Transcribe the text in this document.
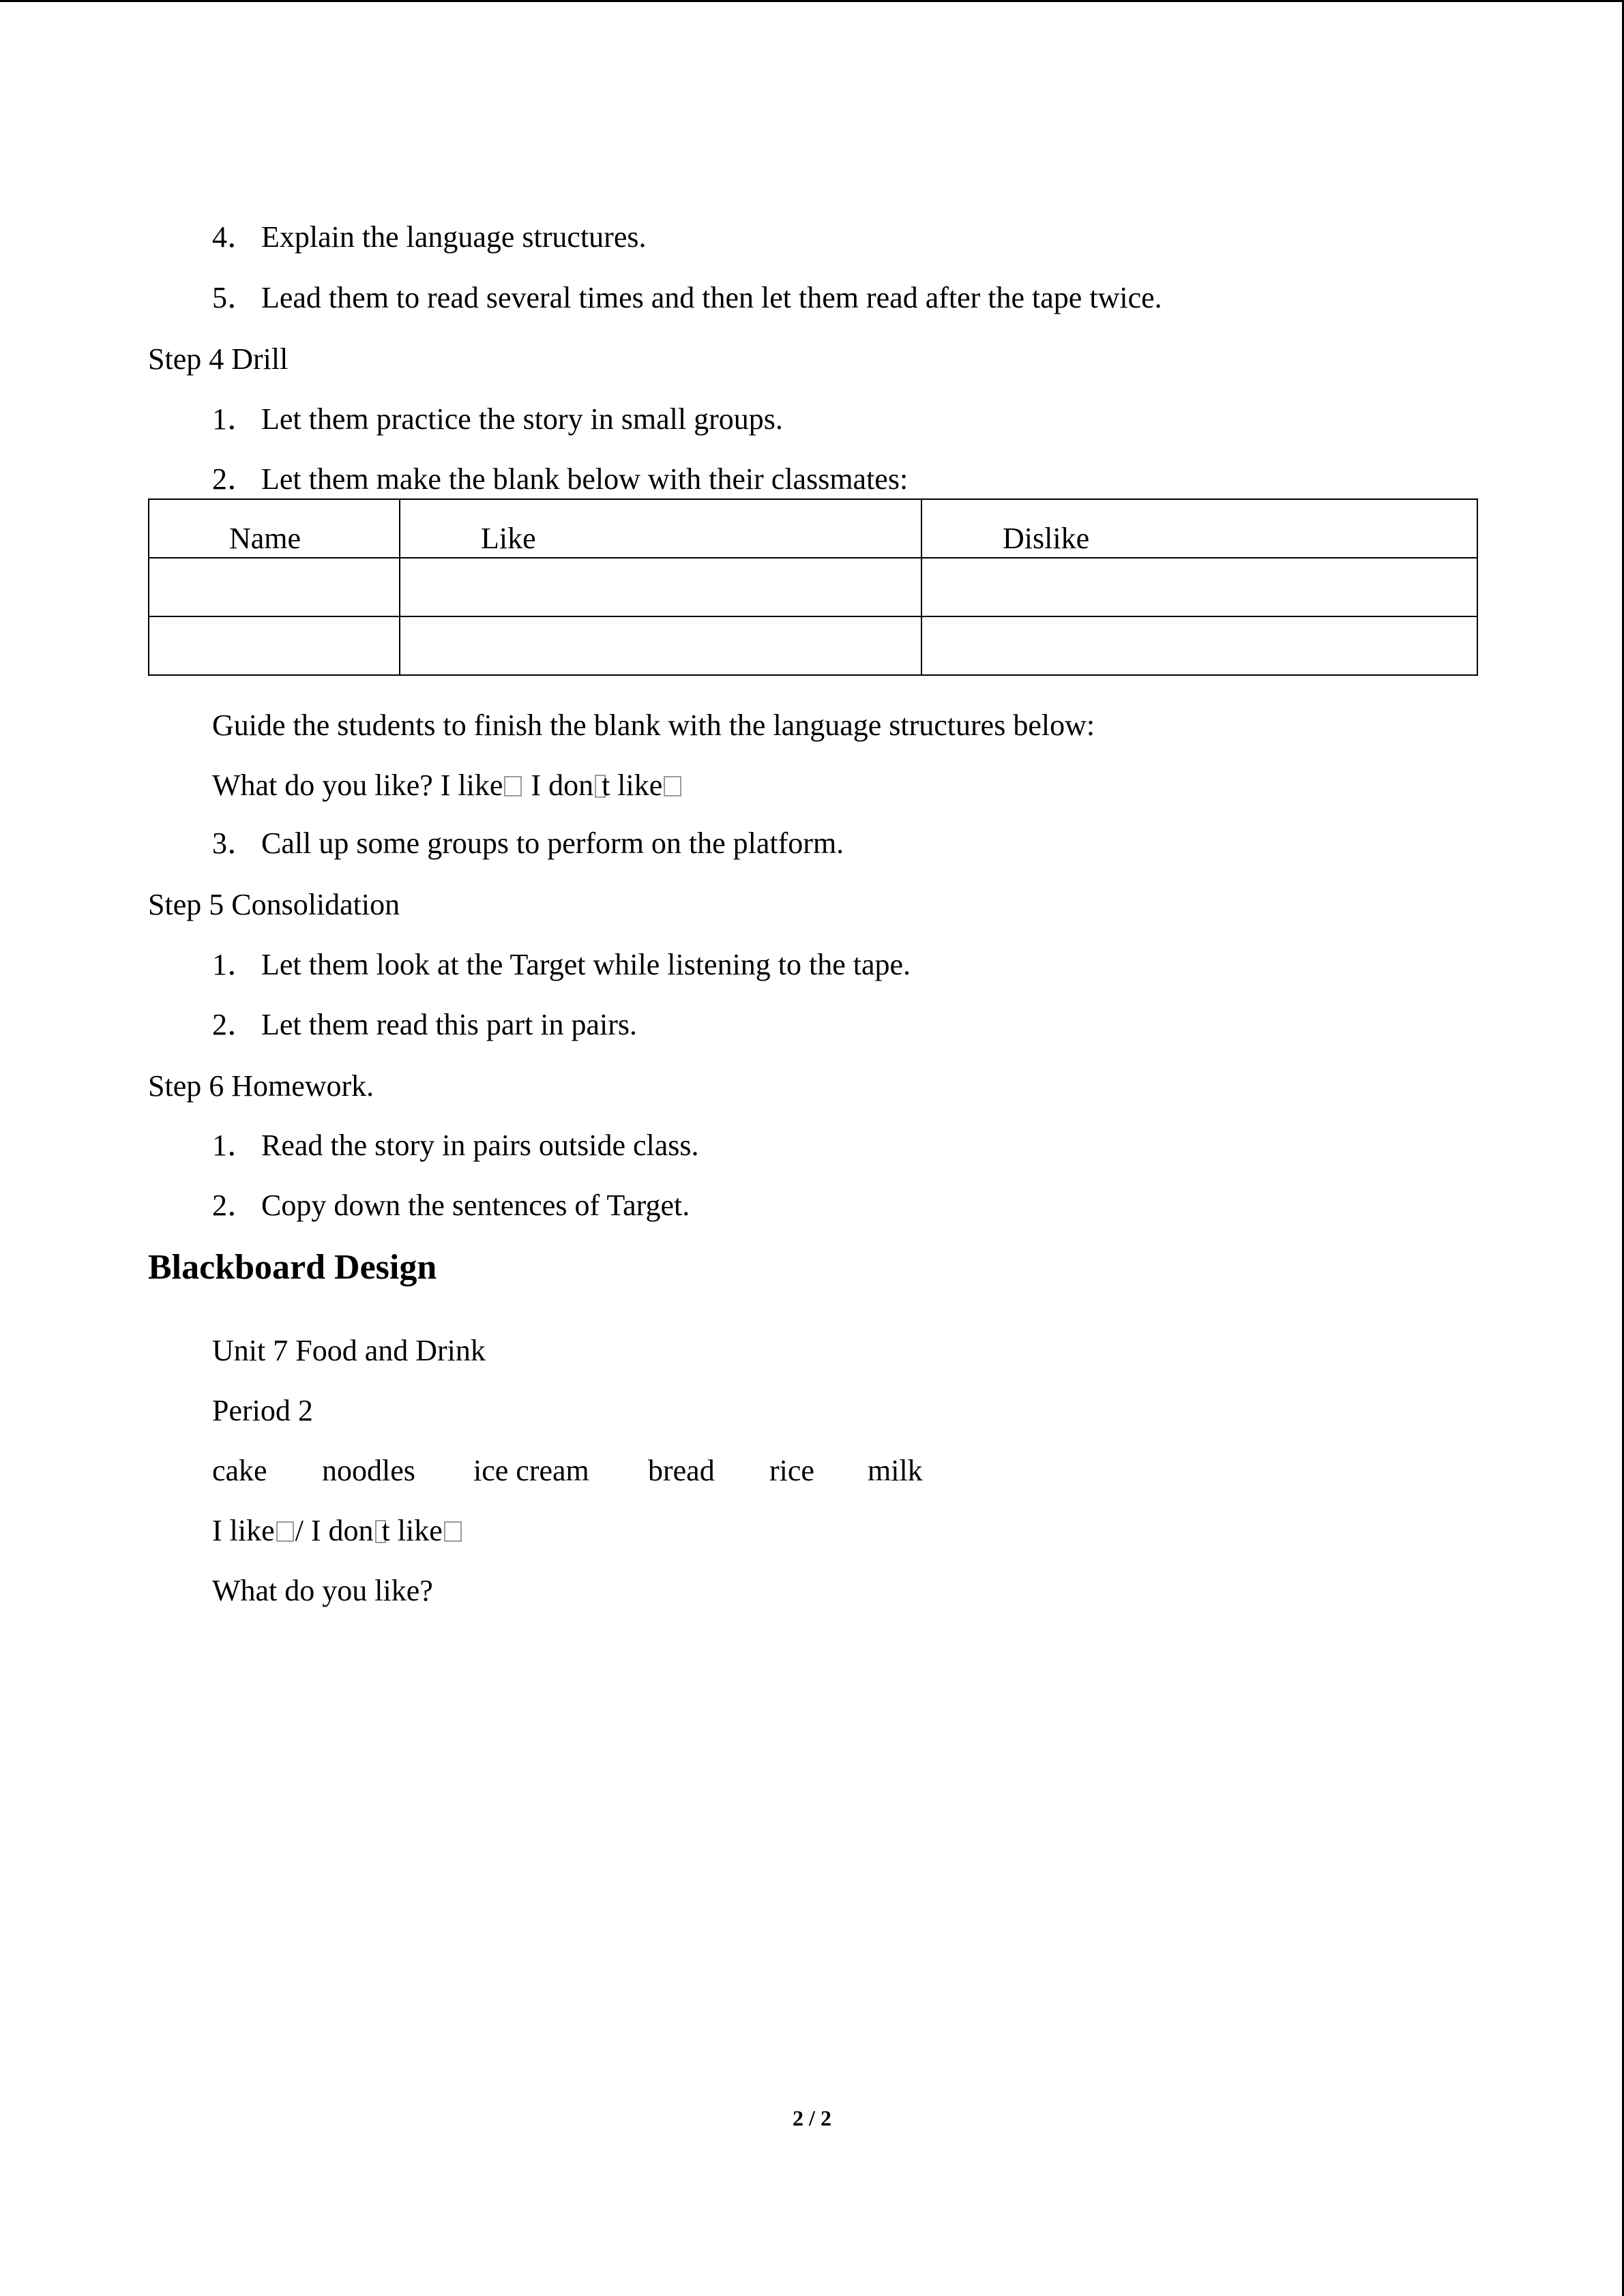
4． Explain the language structures.
5． Lead them to read several times and then let them read after the tape twice.
Step 4 Drill
1． Let them practice the story in small groups.
2． Let them make the blank below with their classmates:
Name	Like	Dislike

Guide the students to finish the blank with the language structures below:
What do you like? I like I don t like
3． Call up some groups to perform on the platform.
Step 5 Consolidation
1． Let them look at the Target while listening to the tape.
2． Let them read this part in pairs.
Step 6 Homework.
1． Read the story in pairs outside class.
2． Copy down the sentences of Target.
Blackboard Design
Unit 7 Food and Drink
Period 2
cake noodles ice cream bread rice milk
I like / I don t like
What do you like?
2 / 2
